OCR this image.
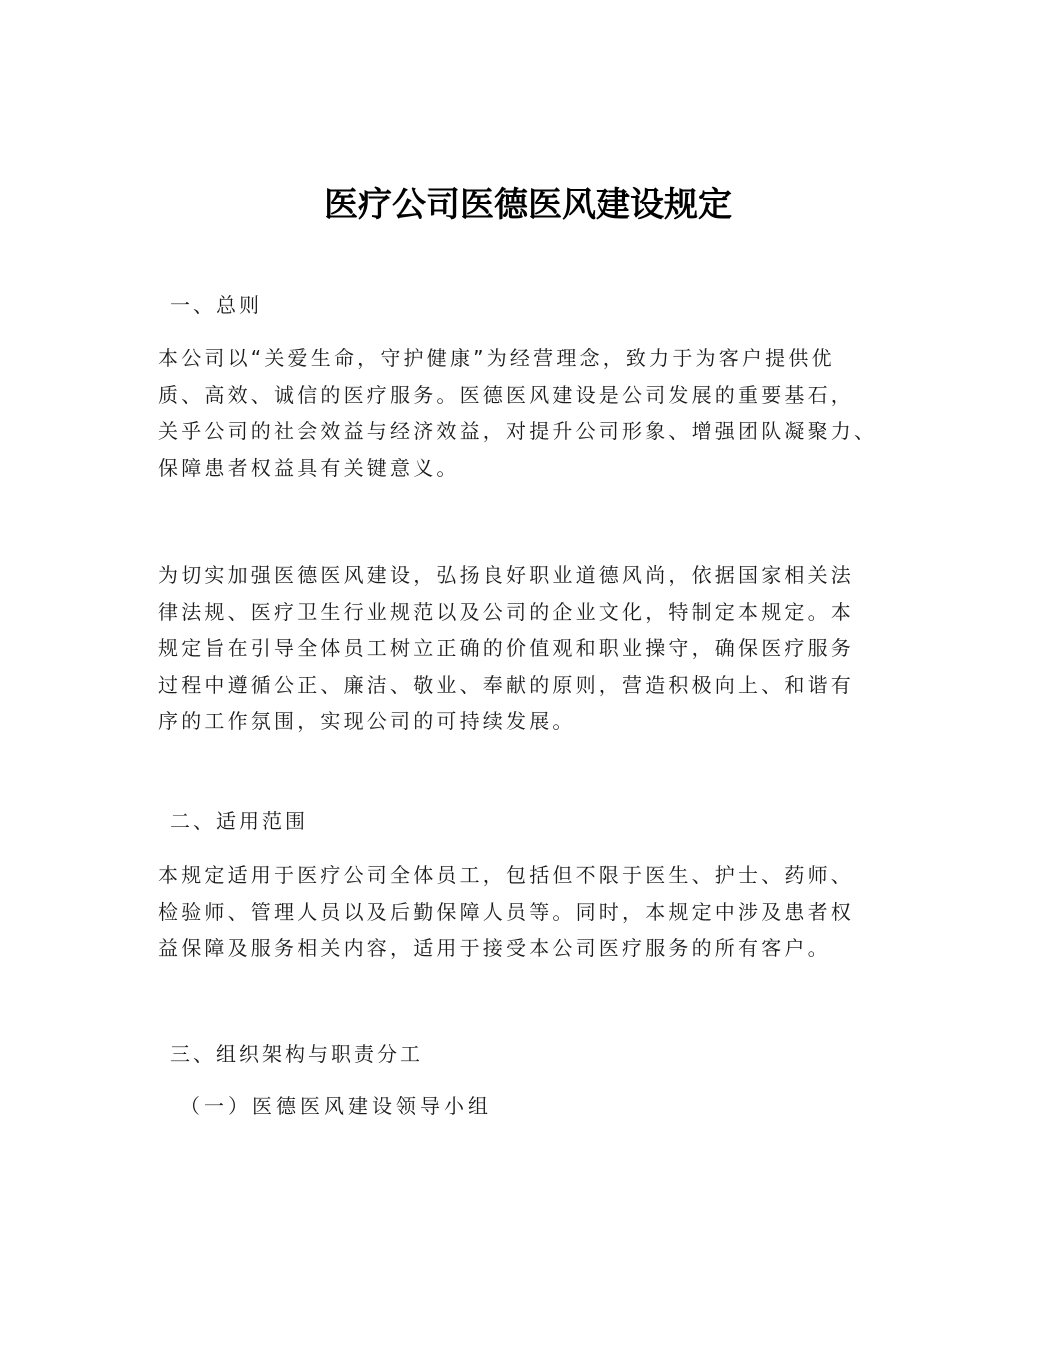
医疗公司医德医风建设规定
一、总则
本公司以“关爱生命，守护健康”为经营理念，致力于为客户提供优
质、高效、诚信的医疗服务。医德医风建设是公司发展的重要基石，
关乎公司的社会效益与经济效益，对提升公司形象、增强团队凝聚力、
保障患者权益具有关键意义。
为切实加强医德医风建设，弘扬良好职业道德风尚，依据国家相关法
律法规、医疗卫生行业规范以及公司的企业文化，特制定本规定。本
规定旨在引导全体员工树立正确的价值观和职业操守，确保医疗服务
过程中遵循公正、廉洁、敬业、奉献的原则，营造积极向上、和谐有
序的工作氛围，实现公司的可持续发展。
二、适用范围
本规定适用于医疗公司全体员工，包括但不限于医生、护士、药师、
检验师、管理人员以及后勤保障人员等。同时，本规定中涉及患者权
益保障及服务相关内容，适用于接受本公司医疗服务的所有客户。
三、组织架构与职责分工
（一）医德医风建设领导小组
